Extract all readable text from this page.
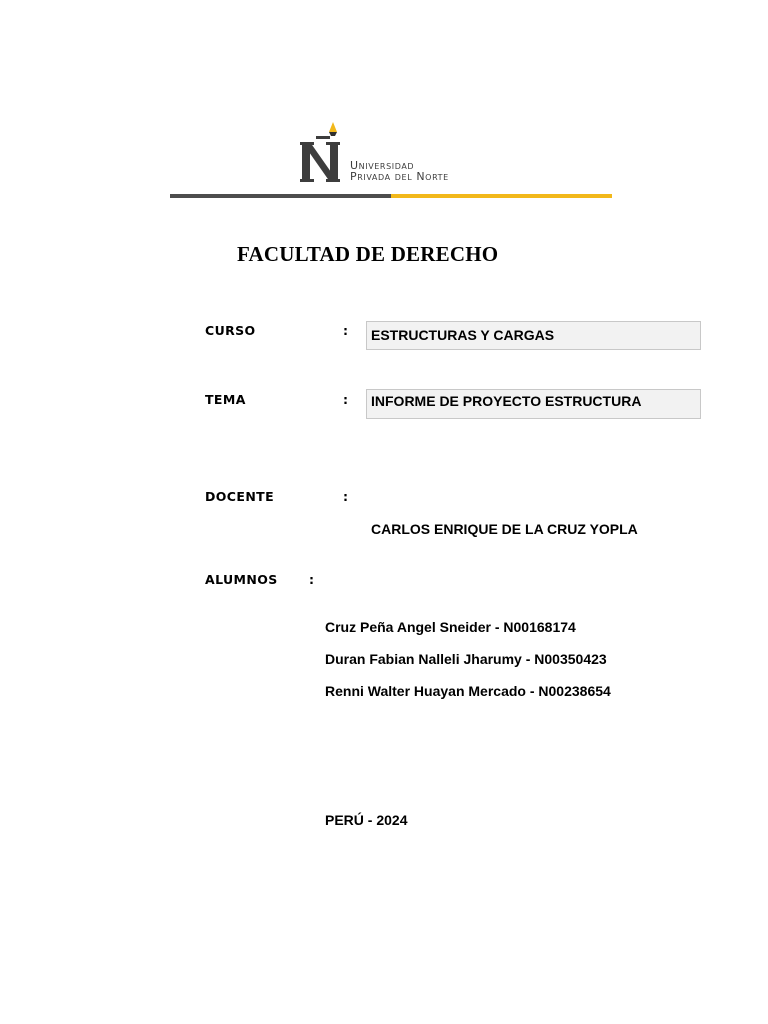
Universidad
Privada del Norte
FACULTAD DE DERECHO
CURSO	:	ESTRUCTURAS Y CARGAS
TEMA	:	INFORME DE PROYECTO ESTRUCTURA
DOCENTE	:
CARLOS ENRIQUE DE LA CRUZ YOPLA
ALUMNOS	:
Cruz Peña Angel Sneider - N00168174
Duran Fabian Nalleli Jharumy - N00350423
Renni Walter Huayan Mercado - N00238654
PERÚ - 2024
